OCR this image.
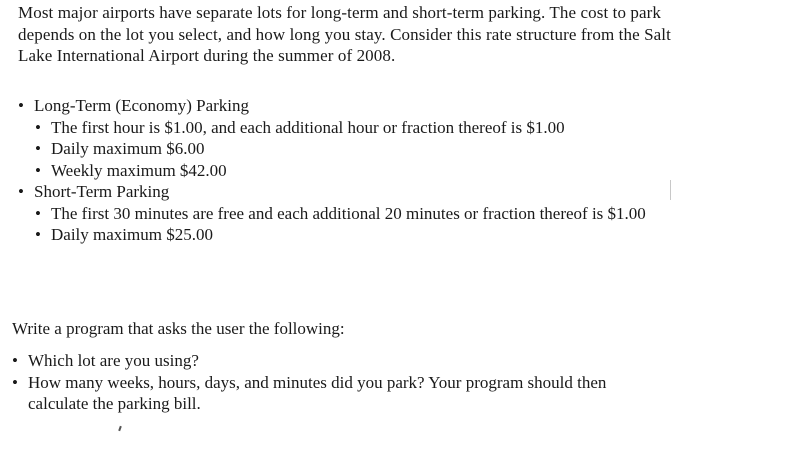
Most major airports have separate lots for long-term and short-term parking. The cost to park depends on the lot you select, and how long you stay. Consider this rate structure from the Salt Lake International Airport during the summer of 2008.

• Long-Term (Economy) Parking
• The first hour is $1.00, and each additional hour or fraction thereof is $1.00
• Daily maximum $6.00
• Weekly maximum $42.00
• Short-Term Parking
• The first 30 minutes are free and each additional 20 minutes or fraction thereof is $1.00
• Daily maximum $25.00

Write a program that asks the user the following:

• Which lot are you using?
• How many weeks, hours, days, and minutes did you park? Your program should then calculate the parking bill.
